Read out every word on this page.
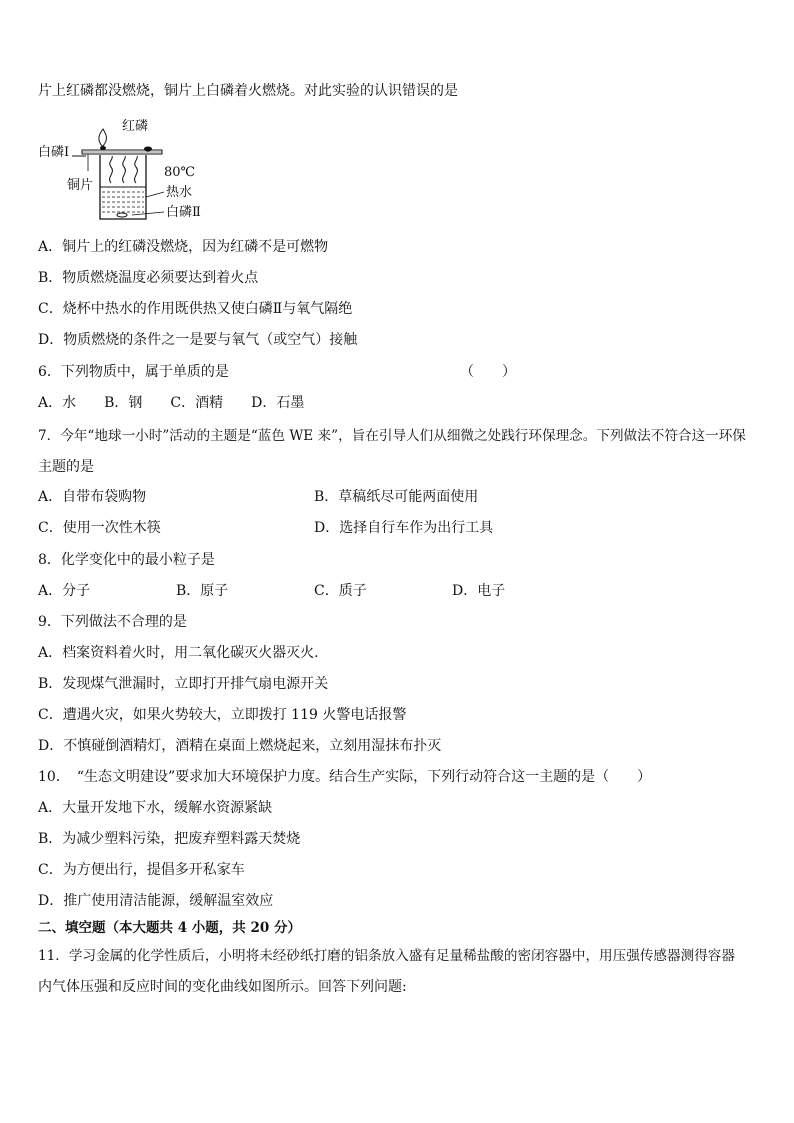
片上红磷都没燃烧，铜片上白磷着火燃烧。对此实验的认识错误的是
红磷
白磷Ⅰ
铜片
80℃
热水
白磷Ⅱ
A．铜片上的红磷没燃烧，因为红磷不是可燃物
B．物质燃烧温度必须要达到着火点
C．烧杯中热水的作用既供热又使白磷Ⅱ与氧气隔绝
D．物质燃烧的条件之一是要与氧气（或空气）接触
6．下列物质中，属于单质的是	（　　）
A．水　　B．钢　　C．酒精　　D．石墨
7．今年“地球一小时”活动的主题是“蓝色 WE 来”，旨在引导人们从细微之处践行环保理念。下列做法不符合这一环保
主题的是
A．自带布袋购物	B．草稿纸尽可能两面使用
C．使用一次性木筷	D．选择自行车作为出行工具
8．化学变化中的最小粒子是
A．分子	B．原子	C．质子	D．电子
9．下列做法不合理的是
A．档案资料着火时，用二氧化碳灭火器灭火.
B．发现煤气泄漏时，立即打开排气扇电源开关
C．遭遇火灾，如果火势较大，立即拨打 119 火警电话报警
D．不慎碰倒酒精灯，酒精在桌面上燃烧起来，立刻用湿抹布扑灭
10．　“生态文明建设”要求加大环境保护力度。结合生产实际，下列行动符合这一主题的是（　　）
A．大量开发地下水，缓解水资源紧缺
B．为减少塑料污染，把废弃塑料露天焚烧
C．为方便出行，提倡多开私家车
D．推广使用清洁能源，缓解温室效应
二、填空题（本大题共 4 小题，共 20 分）
11．学习金属的化学性质后，小明将未经砂纸打磨的铝条放入盛有足量稀盐酸的密闭容器中，用压强传感器测得容器
内气体压强和反应时间的变化曲线如图所示。回答下列问题:
